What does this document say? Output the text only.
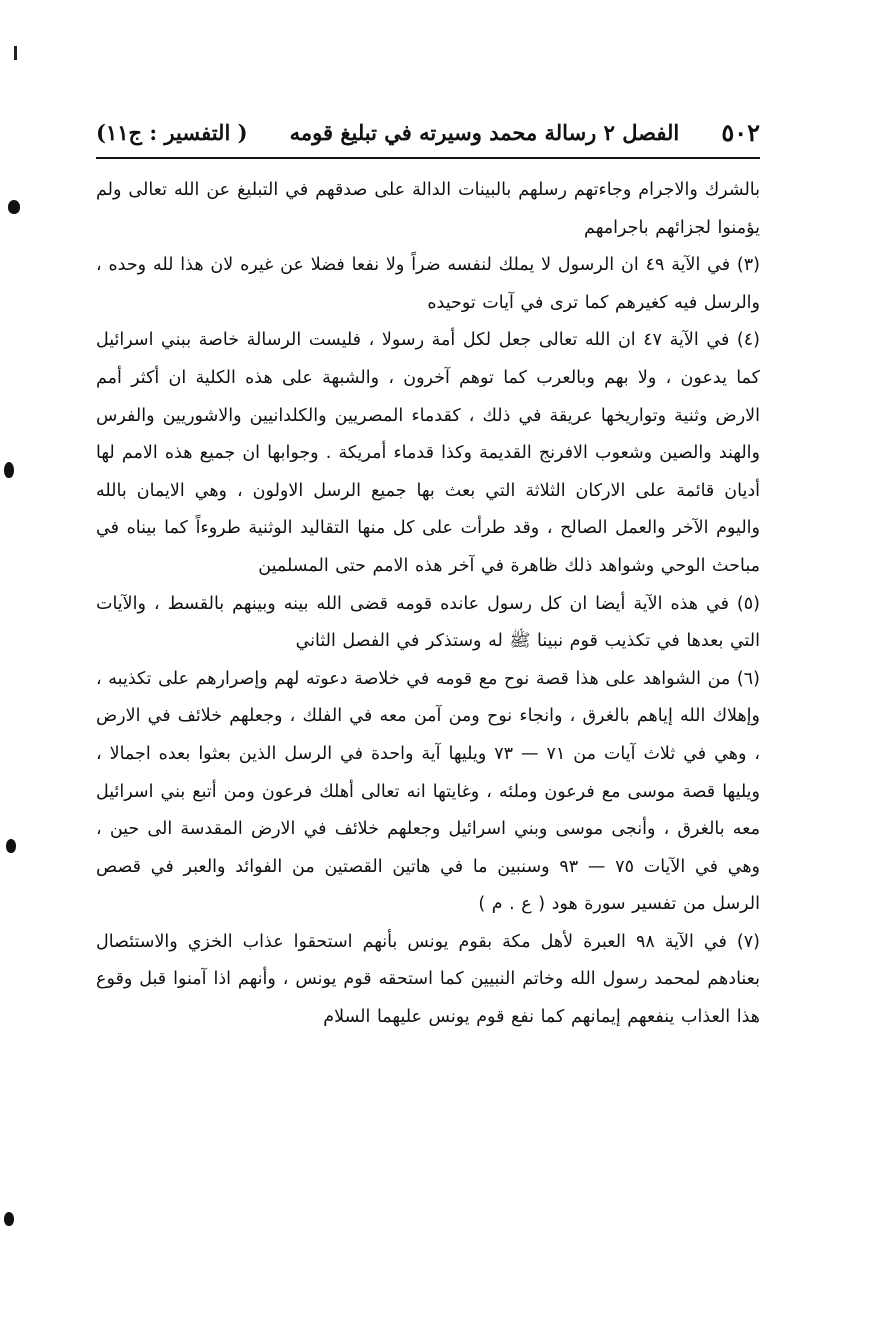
٥٠٢
الفصل ٢ رسالة محمد وسيرته في تبليغ قومه
( التفسير : ج١١)

بالشرك والاجرام وجاءتهم رسلهم بالبينات الدالة على صدقهم في التبليغ عن الله تعالى ولم يؤمنوا لجزائهم باجرامهم

(٣) في الآية ٤٩ ان الرسول لا يملك لنفسه ضراً ولا نفعا فضلا عن غيره لان هذا لله وحده ، والرسل فيه كغيرهم كما ترى في آيات توحيده

(٤) في الآية ٤٧ ان الله تعالى جعل لكل أمة رسولا ، فليست الرسالة خاصة ببني اسرائيل كما يدعون ، ولا بهم وبالعرب كما توهم آخرون ، والشبهة على هذه الكلية ان أكثر أمم الارض وثنية وتواريخها عريقة في ذلك ، كقدماء المصريين والكلدانيين والاشوريين والفرس والهند والصين وشعوب الافرنج القديمة وكذا قدماء أمريكة . وجوابها ان جميع هذه الامم لها أديان قائمة على الاركان الثلاثة التي بعث بها جميع الرسل الاولون ، وهي الايمان بالله واليوم الآخر والعمل الصالح ، وقد طرأت على كل منها التقاليد الوثنية طروءاً كما بيناه في مباحث الوحي وشواهد ذلك ظاهرة في آخر هذه الامم حتى المسلمين

(٥) في هذه الآية أيضا ان كل رسول عانده قومه قضى الله بينه وبينهم بالقسط ، والآيات التي بعدها في تكذيب قوم نبينا ﷺ له وستذكر في الفصل الثاني

(٦) من الشواهد على هذا قصة نوح مع قومه في خلاصة دعوته لهم وإصرارهم على تكذيبه ، وإهلاك الله إياهم بالغرق ، وانجاء نوح ومن آمن معه في الفلك ، وجعلهم خلائف في الارض ، وهي في ثلاث آيات من ٧١ — ٧٣ ويليها آية واحدة في الرسل الذين بعثوا بعده اجمالا ، ويليها قصة موسى مع فرعون وملئه ، وغايتها انه تعالى أهلك فرعون ومن أتبع بني اسرائيل معه بالغرق ، وأنجى موسى وبني اسرائيل وجعلهم خلائف في الارض المقدسة الى حين ، وهي في الآيات ٧٥ — ٩٣ وسنبين ما في هاتين القصتين من الفوائد والعبر في قصص الرسل من تفسير سورة هود ( ع . م )

(٧) في الآية ٩٨ العبرة لأهل مكة بقوم يونس بأنهم استحقوا عذاب الخزي والاستئصال بعنادهم لمحمد رسول الله وخاتم النبيين كما استحقه قوم يونس ، وأنهم اذا آمنوا قبل وقوع هذا العذاب ينفعهم إيمانهم كما نفع قوم يونس عليهما السلام
